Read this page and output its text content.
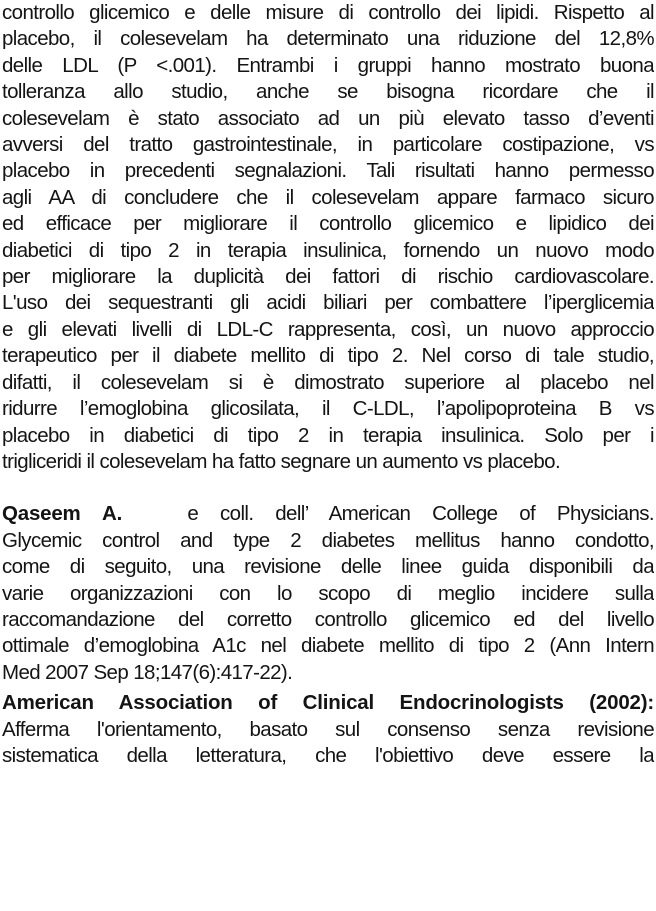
controllo glicemico e delle misure di controllo dei lipidi. Rispetto al
placebo, il colesevelam ha determinato una riduzione del 12,8%
delle LDL (P <.001). Entrambi i gruppi hanno mostrato buona
tolleranza allo studio, anche se bisogna ricordare che il
colesevelam è stato associato ad un più elevato tasso d’eventi
avversi del tratto gastrointestinale, in particolare costipazione, vs
placebo in precedenti segnalazioni. Tali risultati hanno permesso
agli AA di concludere che il colesevelam appare farmaco sicuro
ed efficace per migliorare il controllo glicemico e lipidico dei
diabetici di tipo 2 in terapia insulinica, fornendo un nuovo modo
per migliorare la duplicità dei fattori di rischio cardiovascolare.
L'uso dei sequestranti gli acidi biliari per combattere l’iperglicemia
e gli elevati livelli di LDL-C rappresenta, così, un nuovo approccio
terapeutico per il diabete mellito di tipo 2. Nel corso di tale studio,
difatti, il colesevelam si è dimostrato superiore al placebo nel
ridurre l’emoglobina glicosilata, il C-LDL, l’apolipoproteina B vs
placebo in diabetici di tipo 2 in terapia insulinica. Solo per i
trigliceridi il colesevelam ha fatto segnare un aumento vs placebo.
Qaseem A.	e coll. dell’ American College of Physicians.
Glycemic control and type 2 diabetes mellitus hanno condotto,
come di seguito, una revisione delle linee guida disponibili da
varie organizzazioni con lo scopo di meglio incidere sulla
raccomandazione del corretto controllo glicemico ed del livello
ottimale d’emoglobina A1c nel diabete mellito di tipo 2 (Ann Intern
Med 2007 Sep 18;147(6):417-22).
American Association of Clinical Endocrinologists (2002):
Afferma l'orientamento, basato sul consenso senza revisione
sistematica della letteratura, che l'obiettivo deve essere la
